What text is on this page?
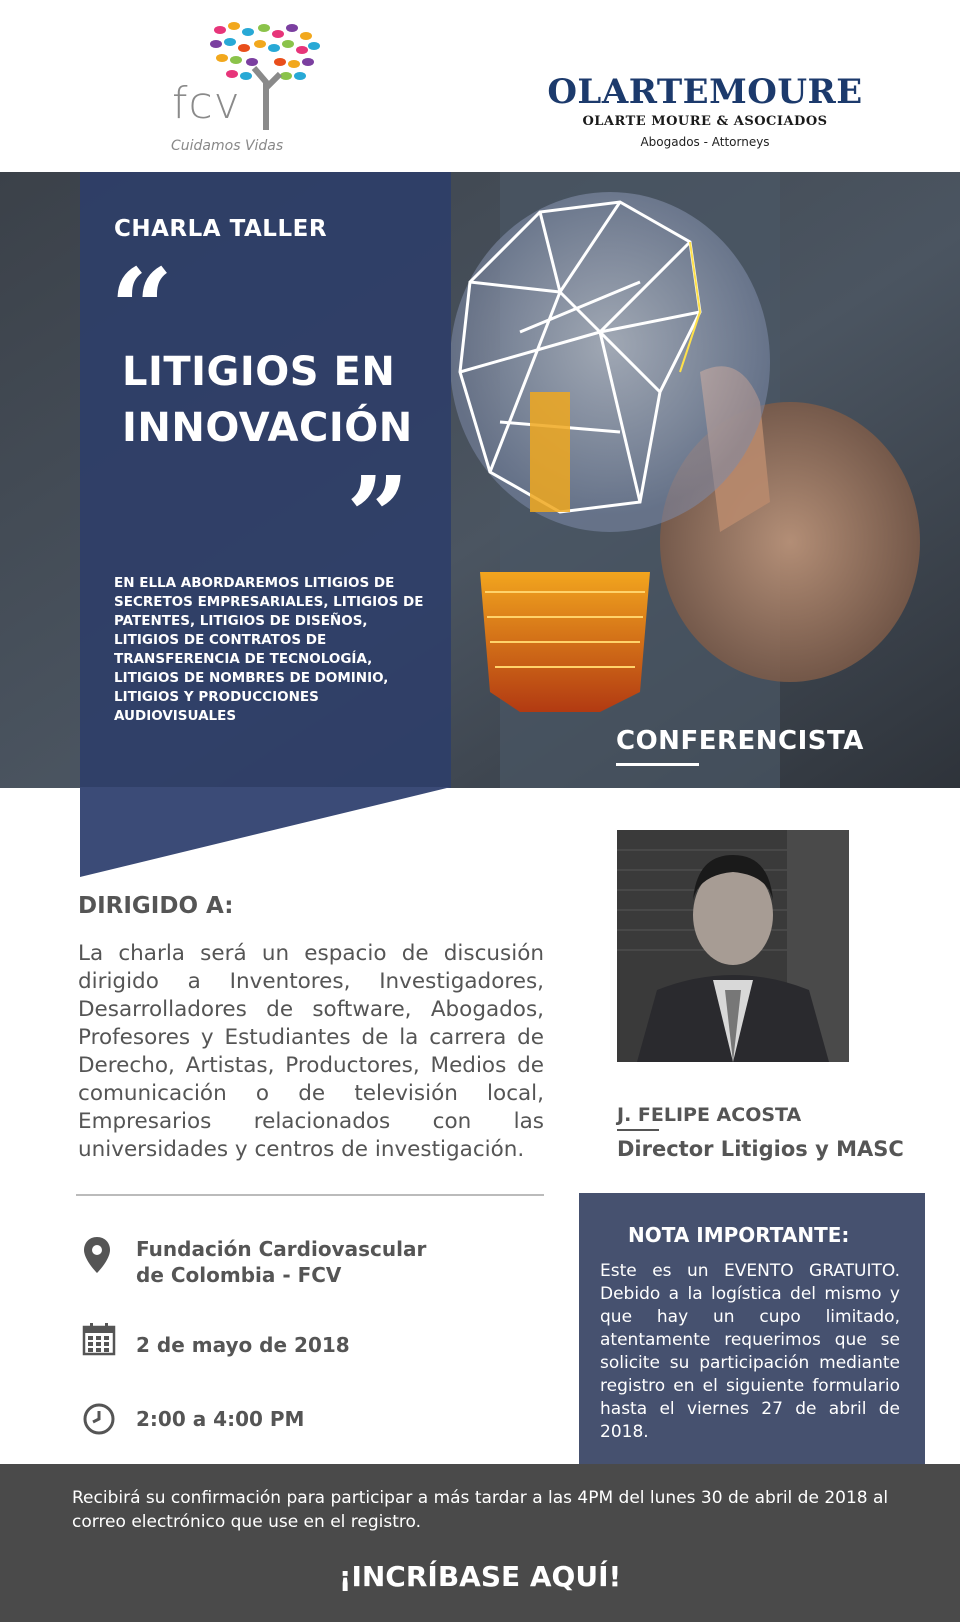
fcv
Cuidamos Vidas
OLARTEMOURE
OLARTE MOURE & ASOCIADOS
Abogados - Attorneys
CHARLA TALLER
“
LITIGIOS EN
INNOVACIÓN
”
EN ELLA ABORDAREMOS LITIGIOS DE SECRETOS EMPRESARIALES, LITIGIOS DE PATENTES, LITIGIOS DE DISEÑOS, LITIGIOS DE CONTRATOS DE TRANSFERENCIA DE TECNOLOGÍA, LITIGIOS DE NOMBRES DE DOMINIO, LITIGIOS Y PRODUCCIONES AUDIOVISUALES
CONFERENCISTA
DIRIGIDO A:
La charla será un espacio de discusión dirigido a Inventores, Investigadores, Desarrolladores de software, Abogados, Profesores y Estudiantes de la carrera de Derecho, Artistas, Productores, Medios de comunicación o de televisión local, Empresarios relacionados con las universidades y centros de investigación.
Fundación Cardiovascular
de Colombia - FCV
2 de mayo de 2018
2:00 a 4:00 PM
J. FELIPE ACOSTA
Director Litigios y MASC
NOTA IMPORTANTE:
Este es un EVENTO GRATUITO. Debido a la logística del mismo y que hay un cupo limitado, atentamente requerimos que se solicite su participación mediante registro en el siguiente formulario hasta el viernes 27 de abril de 2018.
Recibirá su confirmación para participar a más tardar a las 4PM del lunes 30 de abril de 2018 al correo electrónico que use en el registro.
¡INCRÍBASE AQUÍ!
